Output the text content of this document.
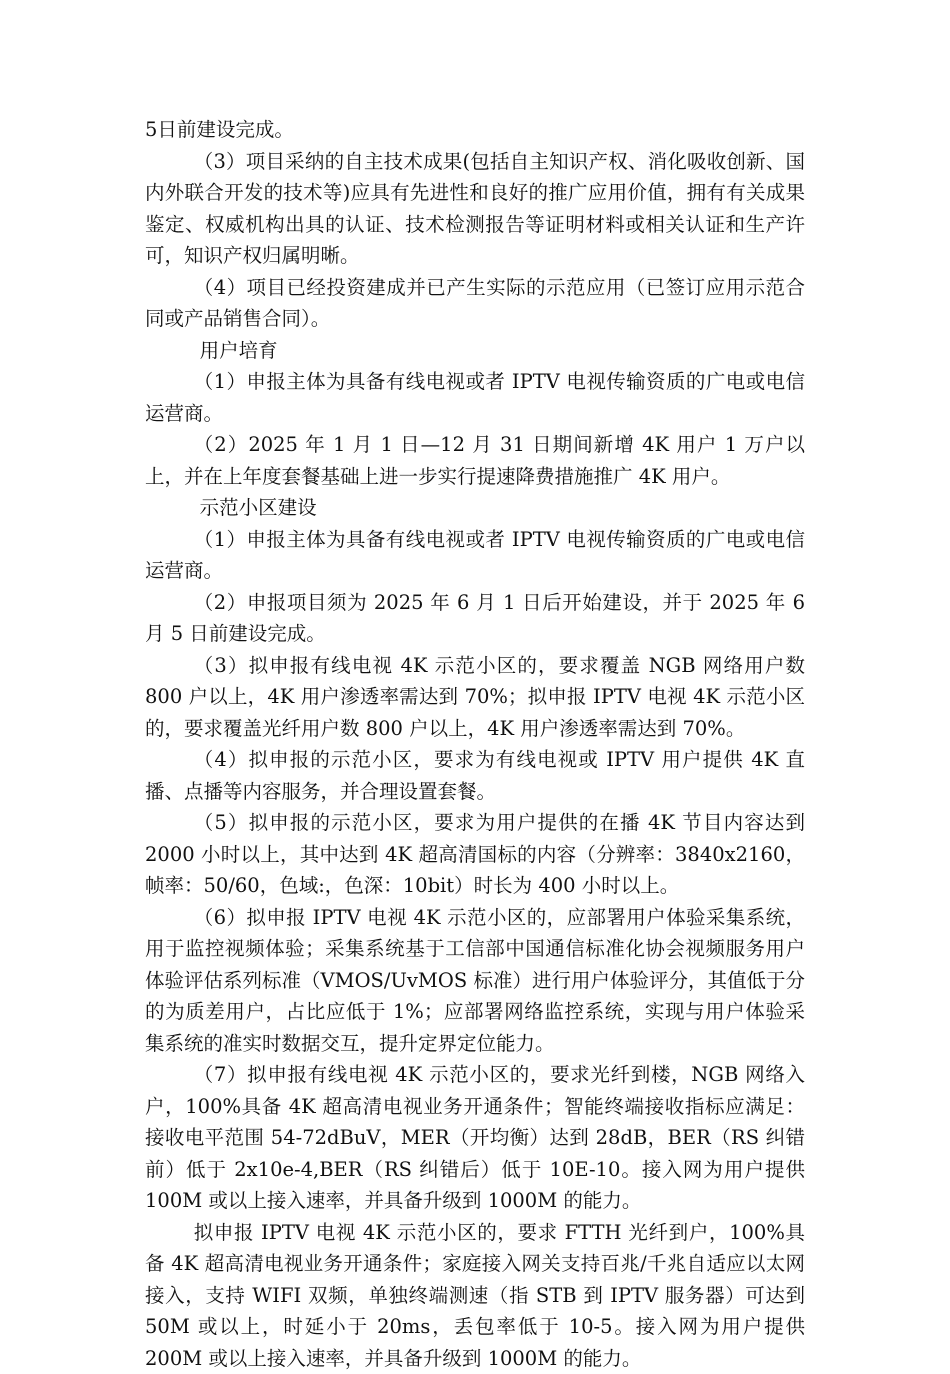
5日前建设完成。

（3）项目采纳的自主技术成果(包括自主知识产权、消化吸收创新、国内外联合开发的技术等)应具有先进性和良好的推广应用价值，拥有有关成果鉴定、权威机构出具的认证、技术检测报告等证明材料或相关认证和生产许可，知识产权归属明晰。

（4）项目已经投资建成并已产生实际的示范应用（已签订应用示范合同或产品销售合同）。

用户培育

（1）申报主体为具备有线电视或者 IPTV 电视传输资质的广电或电信运营商。

（2）2025 年 1 月 1 日—12 月 31 日期间新增 4K 用户 1 万户以上，并在上年度套餐基础上进一步实行提速降费措施推广 4K 用户。

示范小区建设

（1）申报主体为具备有线电视或者 IPTV 电视传输资质的广电或电信运营商。

（2）申报项目须为 2025 年 6 月 1 日后开始建设，并于 2025 年 6 月 5 日前建设完成。

（3）拟申报有线电视 4K 示范小区的，要求覆盖 NGB 网络用户数 800 户以上，4K 用户渗透率需达到 70%；拟申报 IPTV 电视 4K 示范小区的，要求覆盖光纤用户数 800 户以上，4K 用户渗透率需达到 70%。

（4）拟申报的示范小区，要求为有线电视或 IPTV 用户提供 4K 直播、点播等内容服务，并合理设置套餐。

（5）拟申报的示范小区，要求为用户提供的在播 4K 节目内容达到 2000 小时以上，其中达到 4K 超高清国标的内容（分辨率：3840x2160，帧率：50/60，色域:，色深：10bit）时长为 400 小时以上。

（6）拟申报 IPTV 电视 4K 示范小区的，应部署用户体验采集系统，用于监控视频体验；采集系统基于工信部中国通信标准化协会视频服务用户体验评估系列标准（VMOS/UvMOS 标准）进行用户体验评分，其值低于分的为质差用户，占比应低于 1%；应部署网络监控系统，实现与用户体验采集系统的准实时数据交互，提升定界定位能力。

（7）拟申报有线电视 4K 示范小区的，要求光纤到楼，NGB 网络入户，100%具备 4K 超高清电视业务开通条件；智能终端接收指标应满足：接收电平范围 54-72dBuV，MER（开均衡）达到 28dB，BER（RS 纠错前）低于 2x10e-4,BER（RS 纠错后）低于 10E-10。接入网为用户提供 100M 或以上接入速率，并具备升级到 1000M 的能力。

拟申报 IPTV 电视 4K 示范小区的，要求 FTTH 光纤到户，100%具备 4K 超高清电视业务开通条件；家庭接入网关支持百兆/千兆自适应以太网接入，支持 WIFI 双频，单独终端测速（指 STB 到 IPTV 服务器）可达到 50M 或以上，时延小于 20ms，丢包率低于 10-5。接入网为用户提供 200M 或以上接入速率，并具备升级到 1000M 的能力。
